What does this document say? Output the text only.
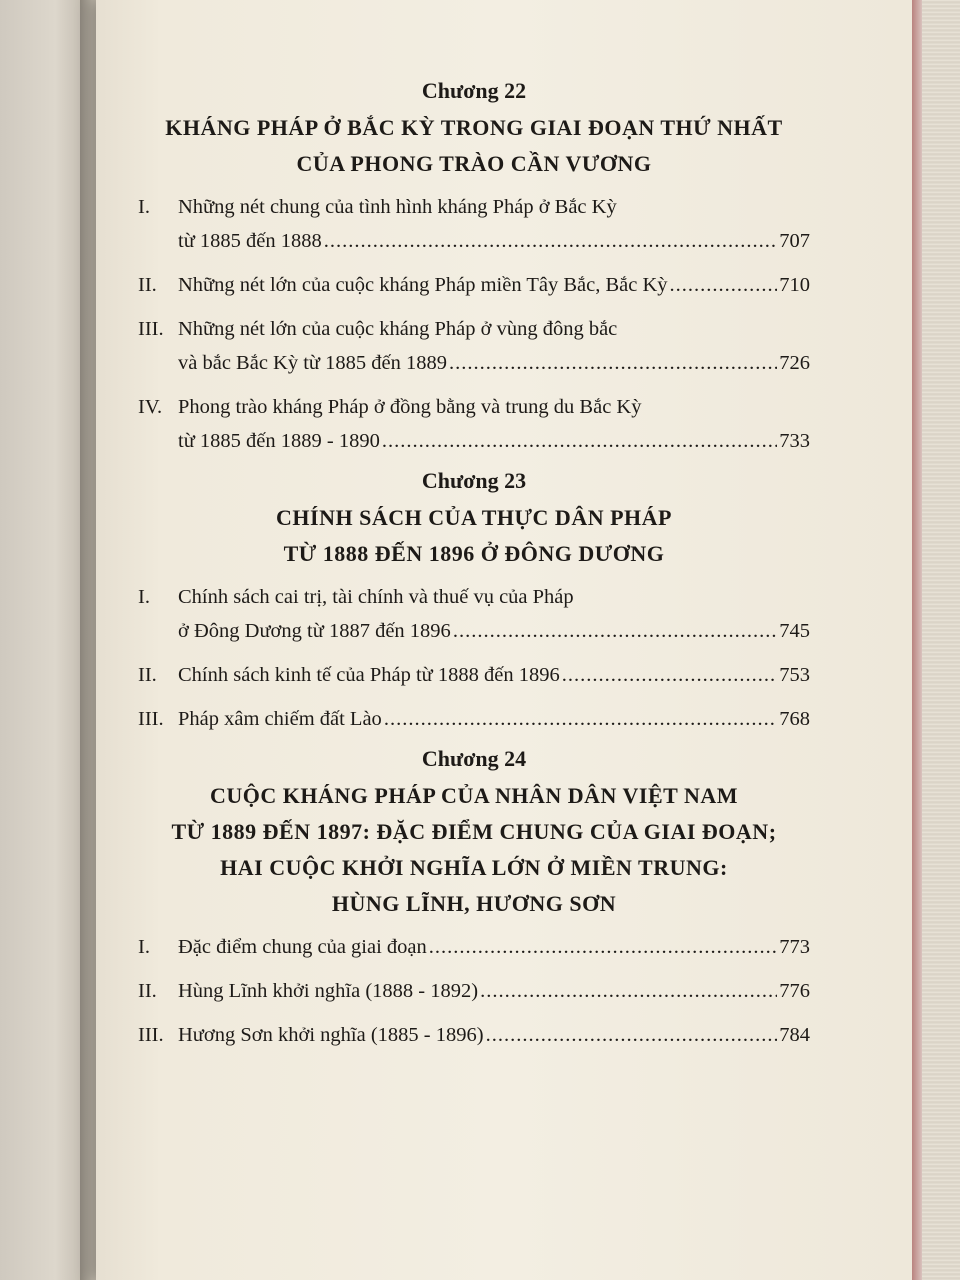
Chương 22
KHÁNG PHÁP Ở BẮC KỲ TRONG GIAI ĐOẠN THỨ NHẤT
CỦA PHONG TRÀO CẦN VƯƠNG
I.	Những nét chung của tình hình kháng Pháp ở Bắc Kỳ
từ 1885 đến 1888 .....	707
II.	Những nét lớn của cuộc kháng Pháp miền Tây Bắc, Bắc Kỳ .....	710
III. Những nét lớn của cuộc kháng Pháp ở vùng đông bắc
và bắc Bắc Kỳ từ 1885 đến 1889 .....	726
IV. Phong trào kháng Pháp ở đồng bằng và trung du Bắc Kỳ
từ 1885 đến 1889 - 1890 .....	733
Chương 23
CHÍNH SÁCH CỦA THỰC DÂN PHÁP
TỪ 1888 ĐẾN 1896 Ở ĐÔNG DƯƠNG
I.	Chính sách cai trị, tài chính và thuế vụ của Pháp
ở Đông Dương từ 1887 đến 1896 .....	745
II.	Chính sách kinh tế của Pháp từ 1888 đến 1896 .....	753
III. Pháp xâm chiếm đất Lào .....	768
Chương 24
CUỘC KHÁNG PHÁP CỦA NHÂN DÂN VIỆT NAM
TỪ 1889 ĐẾN 1897: ĐẶC ĐIỂM CHUNG CỦA GIAI ĐOẠN;
HAI CUỘC KHỞI NGHĨA LỚN Ở MIỀN TRUNG:
HÙNG LĨNH, HƯƠNG SƠN
I.	Đặc điểm chung của giai đoạn .....	773
II.	Hùng Lĩnh khởi nghĩa (1888 - 1892) .....	776
III. Hương Sơn khởi nghĩa (1885 - 1896) .....	784
